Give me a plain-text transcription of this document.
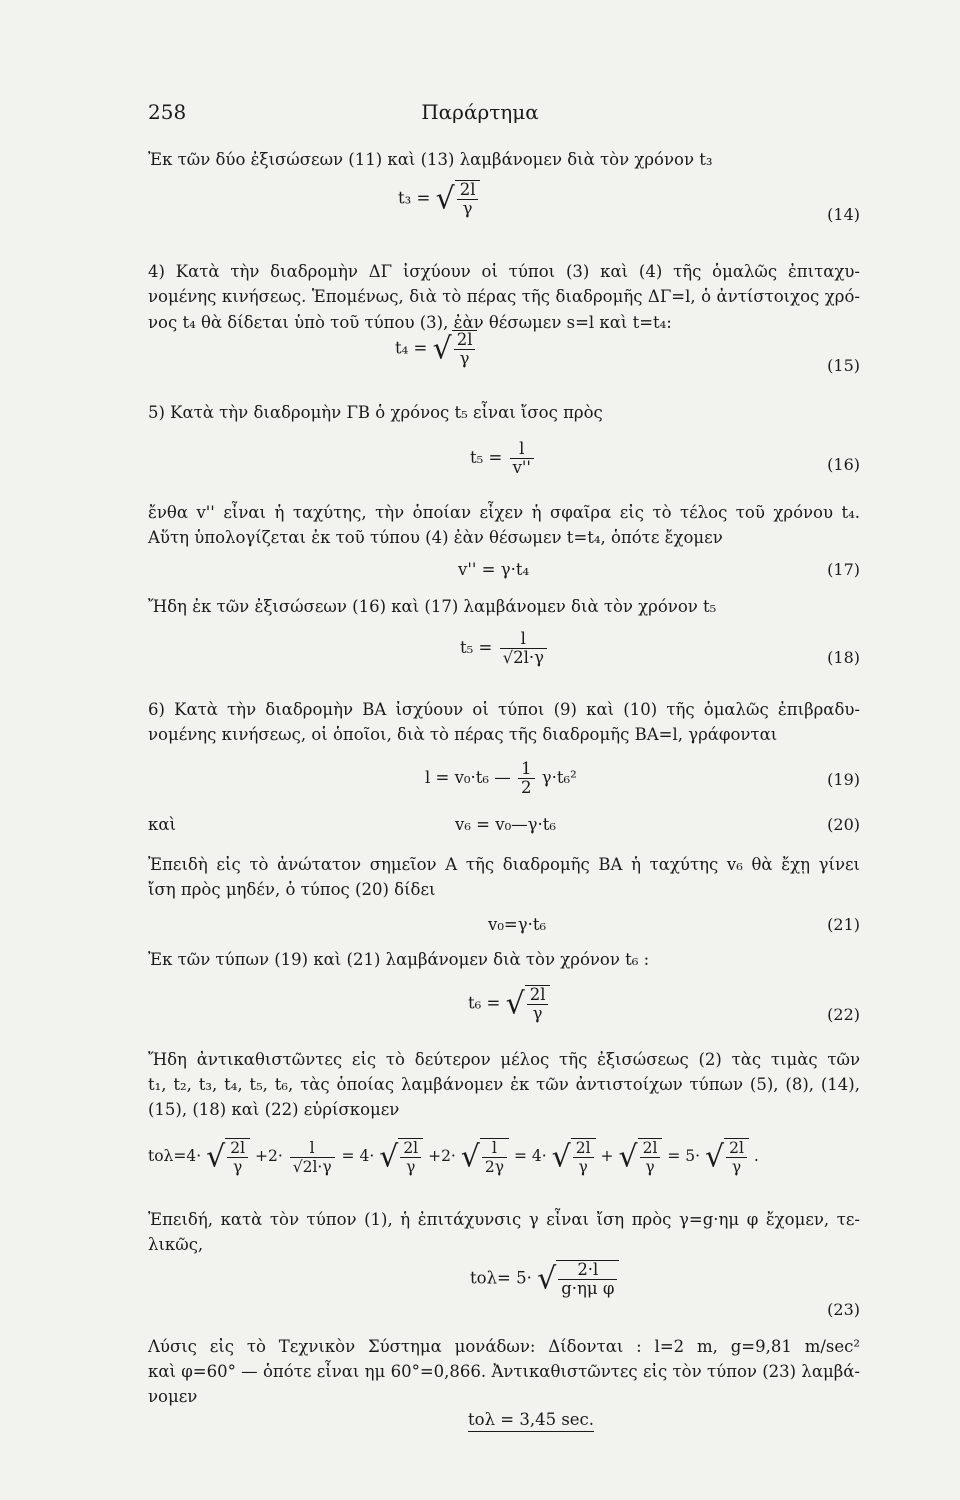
258	Παράρτημα
Ἐκ τῶν δύο ἐξισώσεων (11) καὶ (13) λαμβάνομεν διὰ τὸν χρόνον t₃
t₃ = √ $\frac{2l}{\gamma}$	(14)
4) Κατὰ τὴν διαδρομὴν ΔΓ ἰσχύουν οἱ τύποι (3) καὶ (4) τῆς ὁμαλῶς ἐπιταχυ-
νομένης κινήσεως. Ἑπομένως, διὰ τὸ πέρας τῆς διαδρομῆς ΔΓ=l, ὁ ἀντίστοιχος χρό-
νος t₄ θὰ δίδεται ὑπὸ τοῦ τύπου (3), ἐὰν θέσωμεν s=l καὶ t=t₄:
t₄ = √ $\frac{2l}{\gamma}$	(15)
5) Κατὰ τὴν διαδρομὴν ΓΒ ὁ χρόνος t₅ εἶναι ἴσος πρὸς
$t_5 = \frac{l}{v''}$	(16)
ἔνθα v'' εἶναι ἡ ταχύτης, τὴν ὁποίαν εἶχεν ἡ σφαῖρα εἰς τὸ τέλος τοῦ χρόνου t₄.
Αὕτη ὑπολογίζεται ἐκ τοῦ τύπου (4) ἐὰν θέσωμεν t=t₄, ὁπότε ἔχομεν
v'' = γ·t₄	(17)
Ἤδη ἐκ τῶν ἐξισώσεων (16) καὶ (17) λαμβάνομεν διὰ τὸν χρόνον t₅
$t_5 = \frac{l}{√2l\cdot\gamma}$	(18)
6) Κατὰ τὴν διαδρομὴν ΒΑ ἰσχύουν οἱ τύποι (9) καὶ (10) τῆς ὁμαλῶς ἐπιβραδυ-
νομένης κινήσεως, οἱ ὁποῖοι, διὰ τὸ πέρας τῆς διαδρομῆς ΒΑ=l, γράφονται
l = v₀·t₆ — $\frac{1}{2} \gamma\cdot t_6^2$	(19)
καὶ	v₆ = v₀—γ·t₆	(20)
Ἐπειδὴ εἰς τὸ ἀνώτατον σημεῖον Α τῆς διαδρομῆς ΒΑ ἡ ταχύτης v₆ θὰ ἔχῃ γίνει
ἴση πρὸς μηδέν, ὁ τύπος (20) δίδει
v₀=γ·t₆	(21)
Ἐκ τῶν τύπων (19) καὶ (21) λαμβάνομεν διὰ τὸν χρόνον t₆ :
t₆ = √ $\frac{2l}{\gamma}$	(22)
Ἤδη ἀντικαθιστῶντες εἰς τὸ δεύτερον μέλος τῆς ἐξισώσεως (2) τὰς τιμὰς τῶν
t₁, t₂, t₃, t₄, t₅, t₆, τὰς ὁποίας λαμβάνομεν ἐκ τῶν ἀντιστοίχων τύπων (5), (8), (14),
(15), (18) καὶ (22) εὑρίσκομεν
tολ=4· √ $\frac{2l}{\gamma} +2\cdot \frac{l}{√2l\cdot\gamma} = 4\cdot$ √ $\frac{2l}{\gamma} +2\cdot$ √ $\frac{l}{2\gamma} = 4\cdot$ √ $\frac{2l}{\gamma}$ + √ $\frac{2l}{\gamma} = 5\cdot$ √ $\frac{2l}{\gamma}$ .
Ἐπειδή, κατὰ τὸν τύπον (1), ἡ ἐπιτάχυνσις γ εἶναι ἴση πρὸς γ=g·ημ φ ἔχομεν, τε-
λικῶς,
tολ= 5· √ $\frac{2\cdot l}{\text{g·ημ φ}}$
(23)
Λύσις εἰς τὸ Τεχνικὸν Σύστημα μονάδων: Δίδονται : l=2 m, g=9,81 m/sec²
καὶ φ=60° — ὁπότε εἶναι ημ 60°=0,866. Ἀντικαθιστῶντες εἰς τὸν τύπον (23) λαμβά-
νομεν
tολ = 3,45 sec.
